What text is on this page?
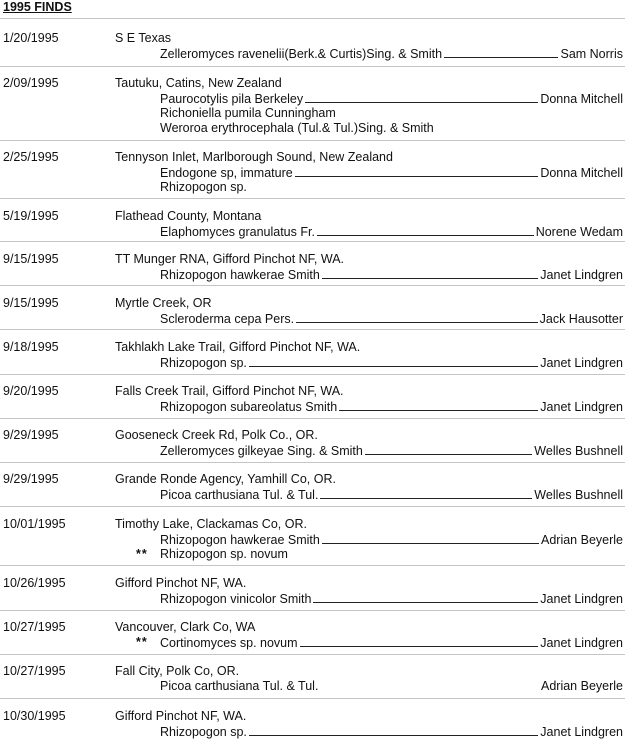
1995 FINDS
1/20/1995	S E Texas
Zelleromyces ravenelii(Berk.& Curtis)Sing. & Smith	Sam Norris
2/09/1995	Tautuku, Catins, New Zealand
Paurocotylis pila Berkeley	Donna Mitchell
Richoniella pumila Cunningham
Weroroa erythrocephala (Tul.& Tul.)Sing. & Smith
2/25/1995	Tennyson Inlet, Marlborough Sound, New Zealand
Endogone sp, immature	Donna Mitchell
Rhizopogon sp.
5/19/1995	Flathead County, Montana
Elaphomyces granulatus Fr.	Norene Wedam
9/15/1995	TT Munger RNA, Gifford Pinchot NF, WA.
Rhizopogon hawkerae Smith	Janet Lindgren
9/15/1995	Myrtle Creek, OR
Scleroderma cepa Pers.	Jack Hausotter
9/18/1995	Takhlakh Lake Trail, Gifford Pinchot NF, WA.
Rhizopogon sp.	Janet Lindgren
9/20/1995	Falls Creek Trail, Gifford Pinchot NF, WA.
Rhizopogon subareolatus Smith	Janet Lindgren
9/29/1995	Gooseneck Creek Rd, Polk Co., OR.
Zelleromyces gilkeyae Sing. & Smith	Welles Bushnell
9/29/1995	Grande Ronde Agency, Yamhill Co, OR.
Picoa carthusiana Tul. & Tul.	Welles Bushnell
10/01/1995	Timothy Lake, Clackamas Co, OR.
Rhizopogon hawkerae Smith	Adrian Beyerle
** Rhizopogon sp. novum
10/26/1995	Gifford Pinchot NF, WA.
Rhizopogon vinicolor Smith	Janet Lindgren
10/27/1995	Vancouver, Clark Co, WA
** Cortinomyces sp. novum	Janet Lindgren
10/27/1995	Fall City, Polk Co, OR.
Picoa carthusiana Tul. & Tul.	Adrian Beyerle
10/30/1995	Gifford Pinchot NF, WA.
Rhizopogon sp.	Janet Lindgren
